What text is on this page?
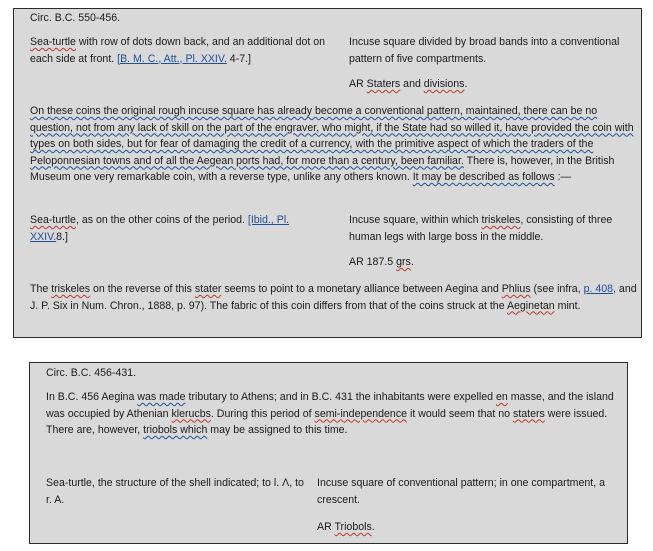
Circ. B.C. 550-456.
Sea-turtle with row of dots down back, and an additional dot on each side at front. [B. M. C., Att., Pl. XXIV. 4-7.]
Incuse square divided by broad bands into a conventional pattern of five compartments.
AR Staters and divisions.
On these coins the original rough incuse square has already become a conventional pattern, maintained, there can be no question, not from any lack of skill on the part of the engraver, who might, if the State had so willed it, have provided the coin with types on both sides, but for fear of damaging the credit of a currency, with the primitive aspect of which the traders of the Peloponnesian towns and of all the Aegean ports had, for more than a century, been familiar. There is, however, in the British Museum one very remarkable coin, with a reverse type, unlike any others known. It may be described as follows :—
Sea-turtle, as on the other coins of the period. [Ibid., Pl. XXIV.8.]
Incuse square, within which triskeles, consisting of three human legs with large boss in the middle.
AR 187.5 grs.
The triskeles on the reverse of this stater seems to point to a monetary alliance between Aegina and Phlius (see infra, p. 408, and J. P. Six in Num. Chron., 1888, p. 97). The fabric of this coin differs from that of the coins struck at the Aeginetan mint.
Circ. B.C. 456-431.
In B.C. 456 Aegina was made tributary to Athens; and in B.C. 431 the inhabitants were expelled en masse, and the island was occupied by Athenian klerucbs. During this period of semi-independence it would seem that no staters were issued. There are, however, triobols which may be assigned to this time.
Sea-turtle, the structure of the shell indicated; to l. Λ, to r. A.
Incuse square of conventional pattern; in one compartment, a crescent.
AR Triobols.
